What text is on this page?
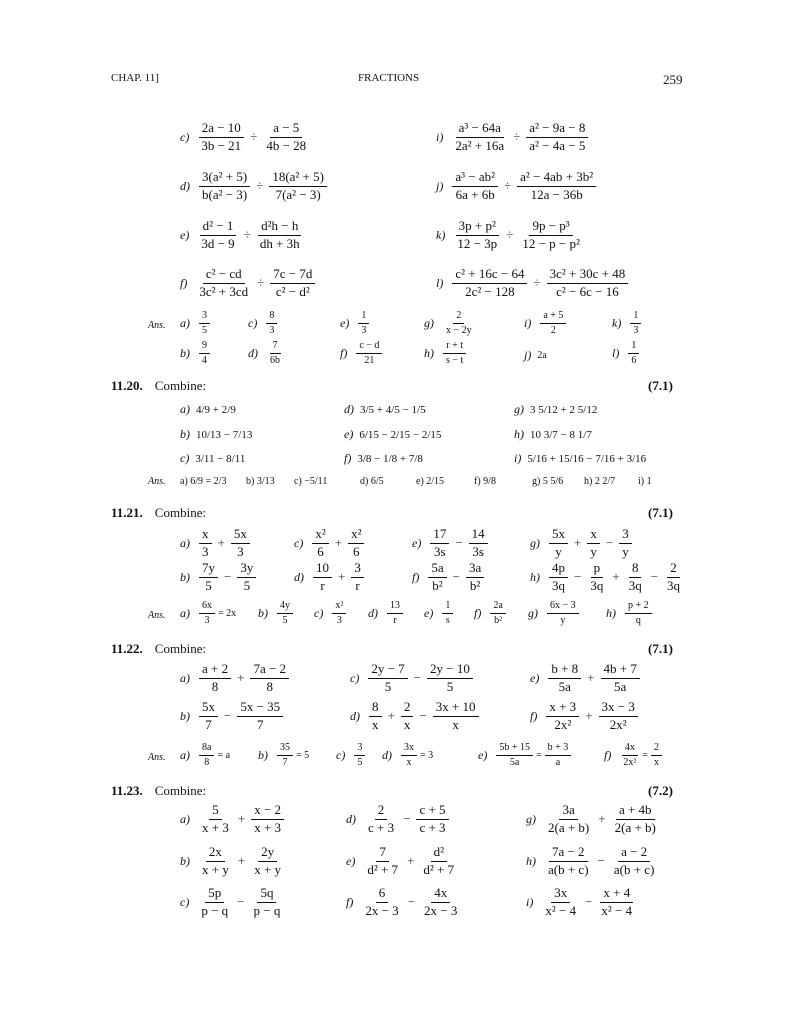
CHAP. 11]	FRACTIONS	259
$c) \frac{2a - 10}{3b - 21} \div \frac{a - 5}{4b - 28}$
$d) \frac{\text{3(a² + 5)}}{\text{b(a² − 3)}} \div \frac{\text{18(a² + 5)}}{\text{7(a² − 3)}}$
$e) \frac{\text{d² − 1}}{3d - 9} \div \frac{\text{d²h − h}}{dh + 3h}$
$f) \frac{\text{c² − cd}}{\text{3c² + 3cd}} \div \frac{7c - 7d}{\text{c² − d²}}$
$i) \frac{\text{a³ − 64a}}{\text{2a² + 16a}} \div \frac{\text{a² − 9a − 8}}{\text{a² − 4a − 5}}$
$j) \frac{\text{a³ − ab²}}{6a + 6b} \div \frac{\text{a² − 4ab + 3b²}}{12a - 36b}$
$k) \frac{\text{3p + p²}}{12 - 3p} \div \frac{\text{9p − p³}}{\text{12 − p − p²}}$
$l) \frac{\text{c² + 16c − 64}}{\text{2c² − 128}} \div \frac{\text{3c² + 30c + 48}}{\text{c² − 6c − 16}}$
Ans. $a) \frac{3}{5}$
$b) \frac{9}{4}$
$c) \frac{8}{3}$
$d) \frac{7}{6b}$
$e) \frac{1}{3}$
$f) \frac{c - d}{21}$
$g) \frac{2}{x - 2y}$
$h) \frac{r + t}{s - t}$
$i) \frac{a + 5}{2}$
j) 2a
$k) \frac{1}{3}$
$l) \frac{1}{6}$
11.20. Combine:	(7.1)
a) 4/9 + 2/9
b) 10/13 − 7/13
c) 3/11 − 8/11
d) 3/5 + 4/5 − 1/5
e) 6/15 − 2/15 − 2/15
f) 3/8 − 1/8 + 7/8
g) 3 5/12 + 2 5/12
h) 10 3/7 − 8 1/7
i) 5/16 + 15/16 − 7/16 + 3/16
Ans. a) 6/9 = 2/3 b) 3/13 c) −5/11	d) 6/5	e) 2/15	f) 9/8	g) 5 5/6 h) 2 2/7 i) 1
11.21. Combine:	(7.1)
$a) \frac{x}{3} + \frac{5x}{3}$
$b) \frac{7y}{5} - \frac{3y}{5}$
$c) \frac{\text{x²}}{6} + \frac{\text{x²}}{6}$
$d) \frac{10}{r} + \frac{3}{r}$
$e) \frac{17}{3s} - \frac{14}{3s}$
$f) \frac{5a}{\text{b²}} - \frac{3a}{\text{b²}}$
$g) \frac{5x}{y} + \frac{x}{y} - \frac{3}{y}$
$h) \frac{4p}{3q} - \frac{p}{3q} + \frac{8}{3q} - \frac{2}{3q}$
Ans. $a) \frac{6x}{3} = 2x$ $b) \frac{4y}{5} c) \frac{\text{x²}}{3} d) \frac{13}{r} e) \frac{1}{s} f) \frac{2a}{\text{b²}} g) \frac{6x - 3}{y} h) \frac{p + 2}{q}$
11.22. Combine:	(7.1)
$a) \frac{a + 2}{8} + \frac{7a - 2}{8}$
$b) \frac{5x}{7} - \frac{5x - 35}{7}$
$c) \frac{2y - 7}{5} - \frac{2y - 10}{5}$
$d) \frac{8}{x} + \frac{2}{x} - \frac{3x + 10}{x}$
$e) \frac{b + 8}{5a} + \frac{4b + 7}{5a}$
$f) \frac{x + 3}{\text{2x²}} + \frac{3x - 3}{\text{2x²}}$
Ans. $a) \frac{8a}{8} = a$ $b) \frac{35}{7} = 5$ $c) \frac{3}{5} d) \frac{3x}{x} = 3$	$e) \frac{5b + 15}{5a} = \frac{b + 3}{a}$	$f) \frac{4x}{\text{2x²}} = \frac{2}{x}$
11.23. Combine:	(7.2)
$a) \frac{5}{x + 3} + \frac{x - 2}{x + 3}$
$b) \frac{2x}{x + y} + \frac{2y}{x + y}$
$c) \frac{5p}{p - q} - \frac{5q}{p - q}$
$d) \frac{2}{c + 3} - \frac{c + 5}{c + 3}$
$e) \frac{7}{\text{d² + 7}} + \frac{\text{d²}}{\text{d² + 7}}$
$f) \frac{6}{2x - 3} - \frac{4x}{2x - 3}$
$g) \frac{3a}{2(a + b)} + \frac{a + 4b}{2(a + b)}$
$h) \frac{7a - 2}{a(b + c)} - \frac{a - 2}{a(b + c)}$
$i) \frac{3x}{\text{x² − 4}} - \frac{x + 4}{\text{x² − 4}}$
